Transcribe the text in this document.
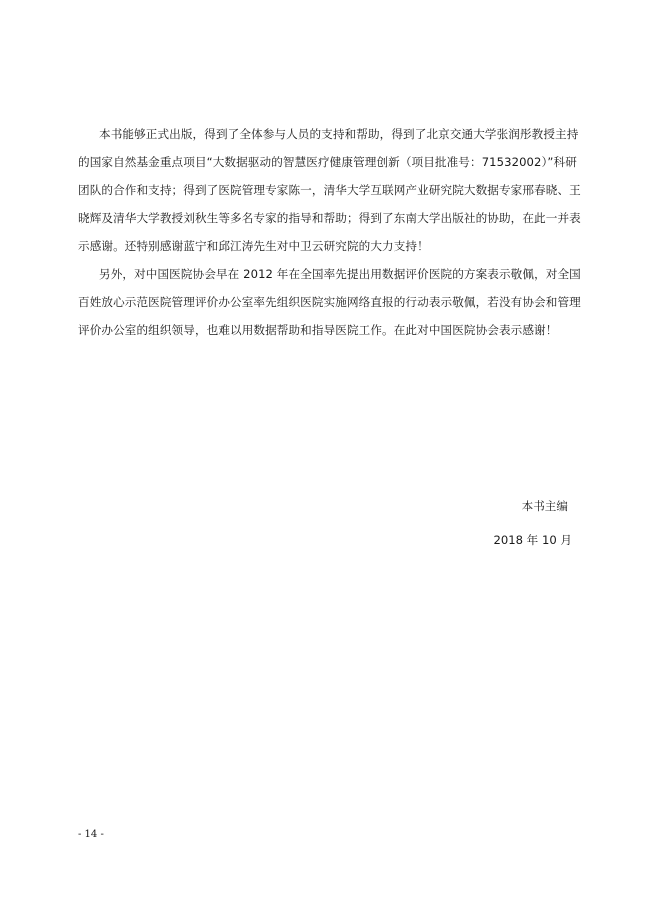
本书能够正式出版，得到了全体参与人员的支持和帮助，得到了北京交通大学张润彤教授主持
的国家自然基金重点项目“大数据驱动的智慧医疗健康管理创新（项目批准号：71532002）”科研
团队的合作和支持；得到了医院管理专家陈一，清华大学互联网产业研究院大数据专家邢春晓、王
晓辉及清华大学教授刘秋生等多名专家的指导和帮助；得到了东南大学出版社的协助，在此一并表
示感谢。还特别感谢蓝宁和邱江涛先生对中卫云研究院的大力支持！
另外，对中国医院协会早在 2012 年在全国率先提出用数据评价医院的方案表示敬佩，对全国
百姓放心示范医院管理评价办公室率先组织医院实施网络直报的行动表示敬佩，若没有协会和管理
评价办公室的组织领导，也难以用数据帮助和指导医院工作。在此对中国医院协会表示感谢！
本书主编
2018 年 10 月
- 14 -
